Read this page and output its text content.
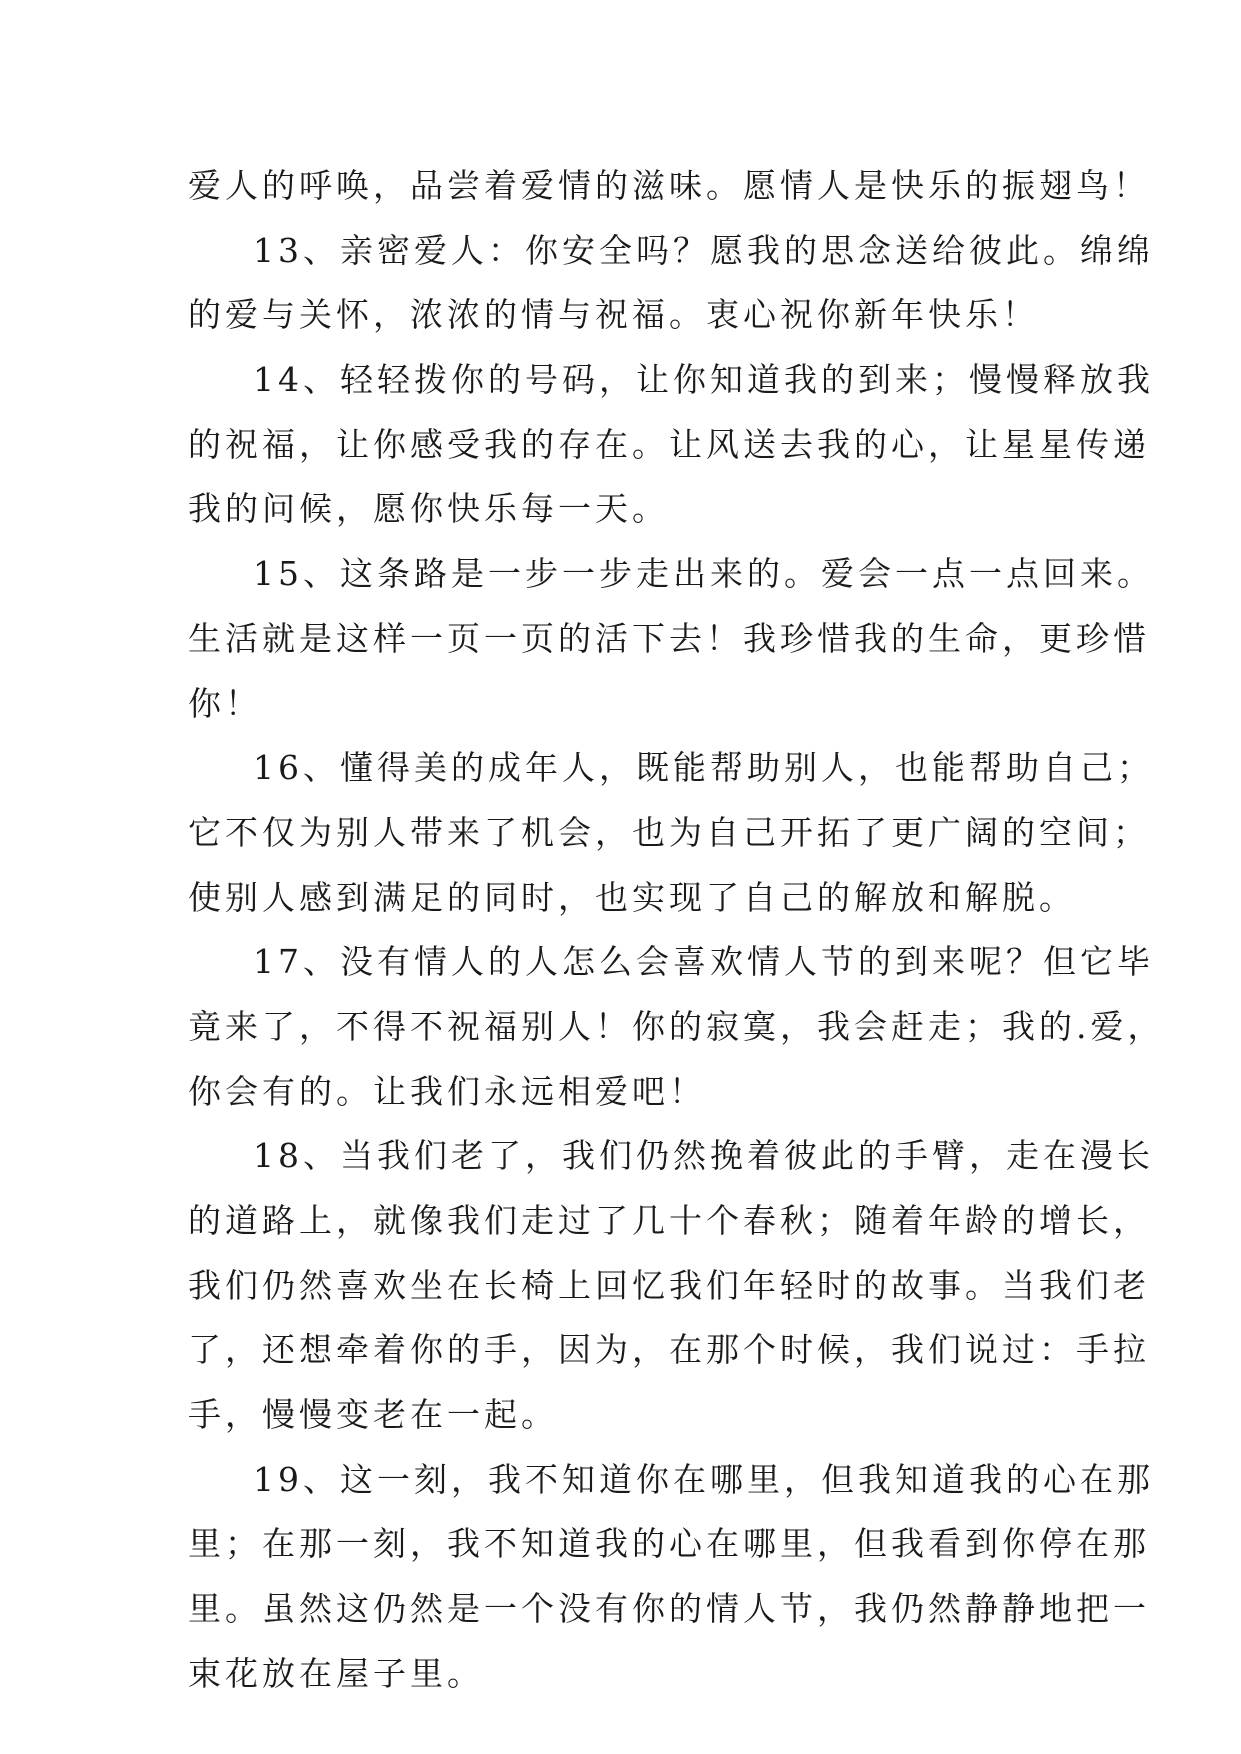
爱人的呼唤，品尝着爱情的滋味。愿情人是快乐的振翅鸟！
13、亲密爱人：你安全吗？愿我的思念送给彼此。绵绵
的爱与关怀，浓浓的情与祝福。衷心祝你新年快乐！
14、轻轻拨你的号码，让你知道我的到来；慢慢释放我
的祝福，让你感受我的存在。让风送去我的心，让星星传递
我的问候，愿你快乐每一天。
15、这条路是一步一步走出来的。爱会一点一点回来。
生活就是这样一页一页的活下去！我珍惜我的生命，更珍惜
你！
16、懂得美的成年人，既能帮助别人，也能帮助自己；
它不仅为别人带来了机会，也为自己开拓了更广阔的空间；
使别人感到满足的同时，也实现了自己的解放和解脱。
17、没有情人的人怎么会喜欢情人节的到来呢？但它毕
竟来了，不得不祝福别人！你的寂寞，我会赶走；我的.爱，
你会有的。让我们永远相爱吧！
18、当我们老了，我们仍然挽着彼此的手臂，走在漫长
的道路上，就像我们走过了几十个春秋；随着年龄的增长，
我们仍然喜欢坐在长椅上回忆我们年轻时的故事。当我们老
了，还想牵着你的手，因为，在那个时候，我们说过：手拉
手，慢慢变老在一起。
19、这一刻，我不知道你在哪里，但我知道我的心在那
里；在那一刻，我不知道我的心在哪里，但我看到你停在那
里。虽然这仍然是一个没有你的情人节，我仍然静静地把一
束花放在屋子里。
